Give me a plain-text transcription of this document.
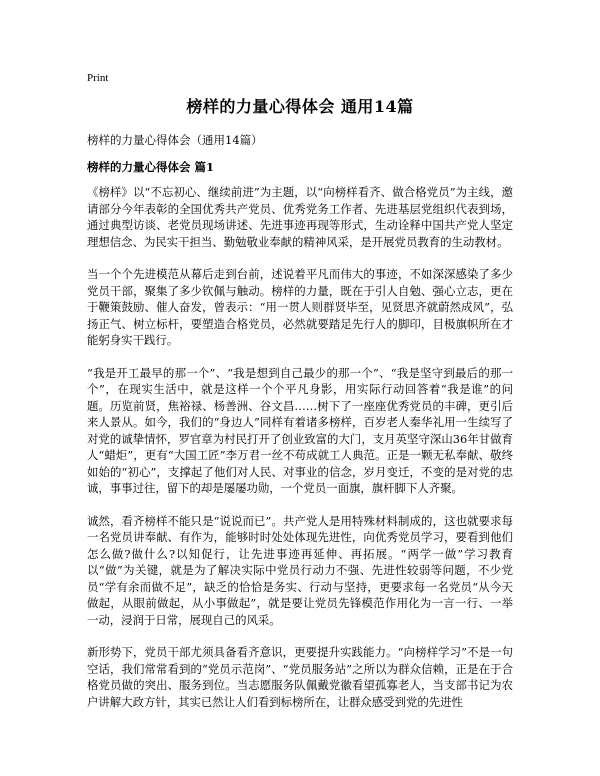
Print
榜样的力量心得体会 通用14篇

榜样的力量心得体会（通用14篇）

榜样的力量心得体会 篇1

《榜样》以“不忘初心、继续前进”为主题，以“向榜样看齐、做合格党员”为主线，邀请部分今年表彰的全国优秀共产党员、优秀党务工作者、先进基层党组织代表到场，通过典型访谈、老党员现场讲述、先进事迹再现等形式，生动诠释中国共产党人坚定理想信念、为民实干担当、勤勉敬业奉献的精神风采，是开展党员教育的生动教材。

当一个个先进模范从幕后走到台前，述说着平凡而伟大的事迹，不如深深感染了多少党员干部，聚集了多少钦佩与触动。榜样的力量，既在于引人自勉、强心立志，更在于鞭策鼓励、催人奋发，曾表示：“用一贯人则群贤毕至，见贤思齐就蔚然成风”，弘扬正气、树立标杆，要塑造合格党员，必然就要踏足先行人的脚印，目极旗帜所在才能躬身实干践行。

“我是开工最早的那一个”、“我是想到自己最少的那一个”、“我是坚守到最后的那一个”，在现实生活中，就是这样一个个平凡身影，用实际行动回答着“我是谁”的问题。历览前贤，焦裕禄、杨善洲、谷文昌……树下了一座座优秀党员的丰碑，更引后来人景从。如今，我们的“身边人”同样有着诸多榜样，百岁老人秦华礼用一生续写了对党的诚挚情怀，罗官章为村民打开了创业致富的大门，支月英坚守深山36年甘做育人“蜡炬”，更有“大国工匠”李万君一丝不苟成就工人典范。正是一颗无私奉献、敬终如始的“初心”，支撑起了他们对人民、对事业的信念，岁月变迁，不变的是对党的忠诚，事事过往，留下的却是屡屡功勋，一个党员一面旗，旗杆脚下人齐聚。

诚然，看齐榜样不能只是“说说而已”。共产党人是用特殊材料制成的，这也就要求每一名党员讲奉献、有作为，能够时时处处体现先进性，向优秀党员学习，要看到他们怎么做?做什么?以知促行，让先进事迹再延伸、再拓展。“两学一做”学习教育以“做”为关键，就是为了解决实际中党员行动力不强、先进性较弱等问题，不少党员“学有余而做不足”，缺乏的恰恰是务实、行动与坚持，更要求每一名党员“从今天做起，从眼前做起，从小事做起”，就是要让党员先锋模范作用化为一言一行、一举一动，浸润于日常，展现自己的风采。

新形势下，党员干部尤须具备看齐意识，更要提升实践能力。“向榜样学习”不是一句空话，我们常常看到的“党员示范岗”、“党员服务站”之所以为群众信赖，正是在于合格党员做的突出、服务到位。当志愿服务队佩戴党徽看望孤寡老人，当支部书记为农户讲解大政方针，其实已然让人们看到标榜所在，让群众感受到党的先进性
